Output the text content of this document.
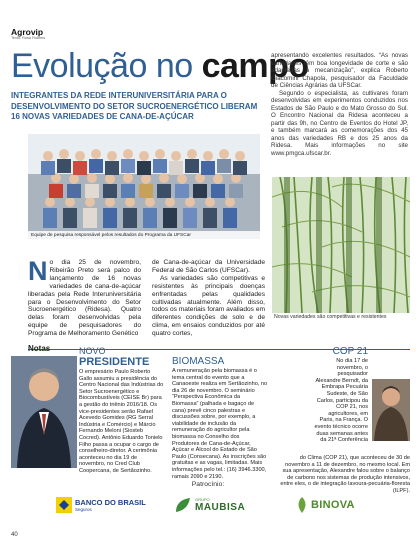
Agrovip
Texto: Rosa Rubens
Evolução no campo
INTEGRANTES DA REDE INTERUNIVERSITÁRIA PARA O DESENVOLVIMENTO DO SETOR SUCROENERGÉTICO LIBERAM 16 NOVAS VARIEDADES DE CANA-DE-AÇÚCAR

apresentando excelentes resultados. “As novas variedades têm boa longevidade de corte e são adaptadas à mecanização”, explica Roberto Giacomini Chapola, pesquisador da Faculdade de Ciências Agrárias da UFSCar.

Segundo o especialista, as cultivares foram desenvolvidas em experimentos conduzidos nos Estados de São Paulo e do Mato Grosso do Sul. O Encontro Nacional da Ridesa aconteceu a partir das 9h, no Centro de Eventos do Hotel JP, e também marcará as comemorações dos 45 anos das variedades RB e dos 25 anos da Ridesa. Mais informações no site www.pmgca.ufscar.br.

Equipe de pesquisa responsável pelos resultados do Programa da UFSCar
Novas variedades são competitivas e resistentes
N o dia 25 de novembro, Ribeirão Preto será palco do lançamento de 16 novas variedades de cana-de-açúcar liberadas pela Rede Interuniversitária para o Desenvolvimento do Setor Sucroenergético (Ridesa). Quatro delas foram desenvolvidas pela equipe de pesquisadores do Programa de Melhoramento Genético

de Cana-de-açúcar da Universidade Federal de São Carlos (UFSCar).

As variedades são competitivas e resistentes às principais doenças enfrentadas pelas qualidades cultivadas atualmente. Além disso, todos os materiais foram avaliados em diferentes condições de solo e de clima, em ensaios conduzidos por até quatro cortes,

Notas	NOVO
PRESIDENTE
O empresário Paulo Roberto Gallo assumiu a presidência do Centro Nacional das Indústrias do Setor Sucroenergético e Biocombustíveis (CEISE Br) para a gestão do triênio 2016/18. Os vice-presidentes serão Rafael Acevedo Gomides (RG Serral Indústria e Comércio) e Márcio Fernando Meloni (Siosteb Cocred). Antônio Eduardo Tonielo Filho passa a ocupar o cargo de conselheiro-diretor. A cerimônia aconteceu no dia 19 de novembro, no Cred Club Coopercana, de Sertãozinho.
BIOMASSA
A remuneração pela biomassa é o tema central do evento que a Canaoeste realiza em Sertãozinho, no dia 26 de novembro. O seminário “Perspectiva Econômica da Biomassa” (palhada e bagaço de cana) prevê cinco palestras e discussões sobre, por exemplo, a viabilidade de inclusão da remuneração do agricultor pela biomassa no Conselho dos Produtores de Cana-de-Açúcar, Açúcar e Álcool do Estado de São Paulo (Consecana). As inscrições são gratuitas e as vagas, limitadas. Mais informações pelo tel.: (16) 3946.3300, ramais 2090 e 2190.
COP 21
No dia 17 de novembro, o pesquisador Alexandre Berndt, da Embrapa Pecuária Sudeste, de São Carlos, participou da COP 21, nos agricultores, em Paris, na França. O evento técnico ocorre duas semanas antes da 21ª Conferência
do Clima (COP 21), que aconteceu de 30 de novembro a 11 de dezembro, no mesmo local. Em sua apresentação, Alexandre falou sobre o balanço de carbono nos sistemas de produção intensivos, entre eles, o de integração lavoura-pecuária-floresta (ILPF).
Patrocínio:
BANCO DO BRASIL
Seguros
GRUPO
MAUBISA	BINOVA
40
